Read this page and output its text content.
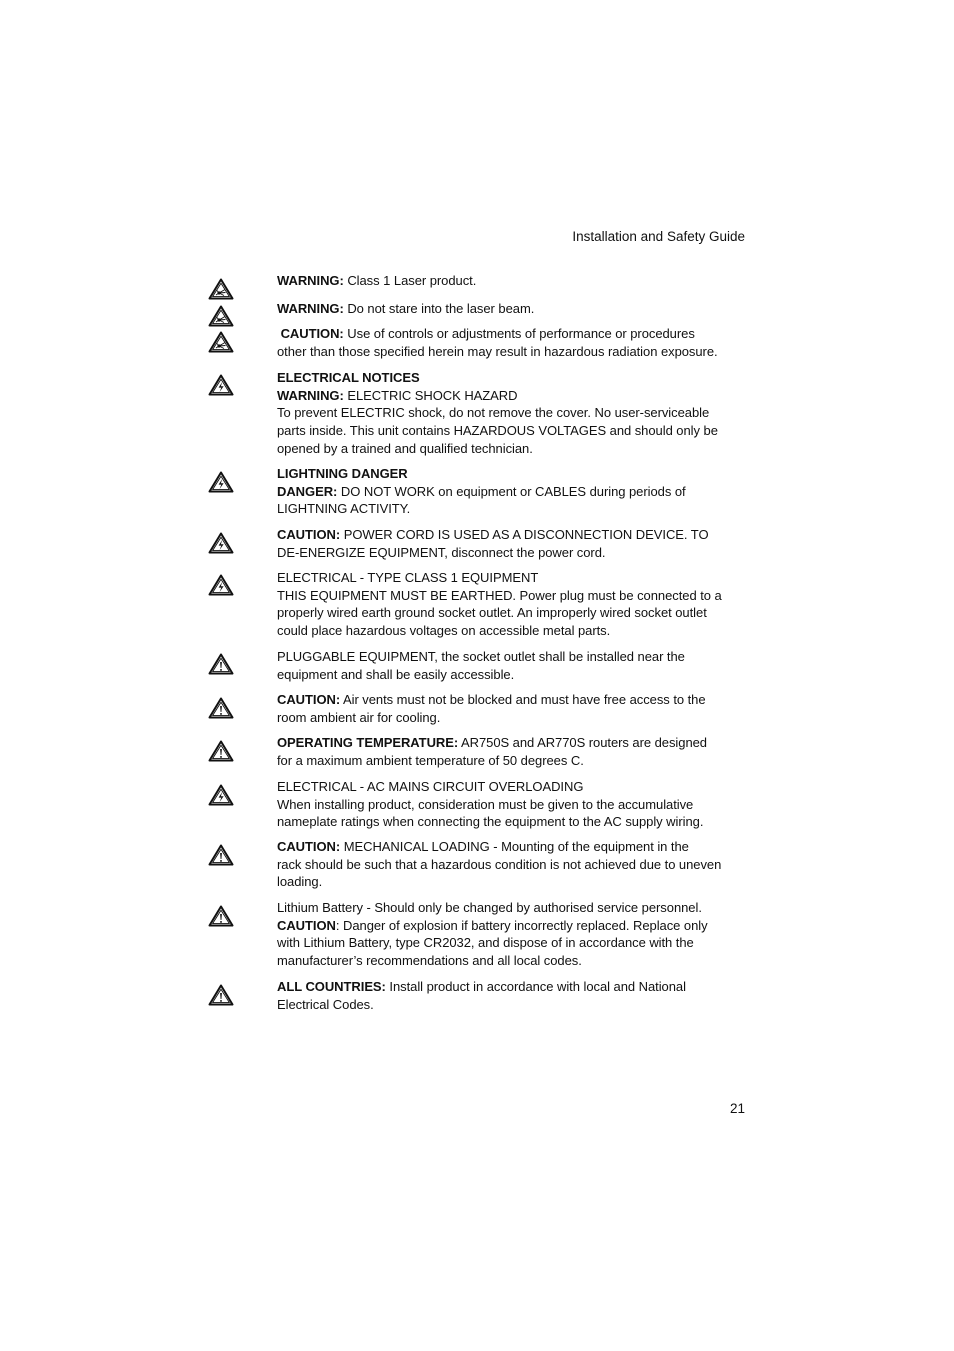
Installation and Safety Guide
WARNING: Class 1 Laser product.
WARNING: Do not stare into the laser beam.
CAUTION: Use of controls or adjustments of performance or procedures
other than those specified herein may result in hazardous radiation exposure.
ELECTRICAL NOTICES
WARNING: ELECTRIC SHOCK HAZARD
To prevent ELECTRIC shock, do not remove the cover. No user-serviceable
parts inside. This unit contains HAZARDOUS VOLTAGES and should only be
opened by a trained and qualified technician.
LIGHTNING DANGER
DANGER: DO NOT WORK on equipment or CABLES during periods of
LIGHTNING ACTIVITY.
CAUTION: POWER CORD IS USED AS A DISCONNECTION DEVICE. TO
DE-ENERGIZE EQUIPMENT, disconnect the power cord.
ELECTRICAL - TYPE CLASS 1 EQUIPMENT
THIS EQUIPMENT MUST BE EARTHED. Power plug must be connected to a
properly wired earth ground socket outlet. An improperly wired socket outlet
could place hazardous voltages on accessible metal parts.
PLUGGABLE EQUIPMENT, the socket outlet shall be installed near the
equipment and shall be easily accessible.
CAUTION: Air vents must not be blocked and must have free access to the
room ambient air for cooling.
OPERATING TEMPERATURE: AR750S and AR770S routers are designed
for a maximum ambient temperature of 50 degrees C.
ELECTRICAL - AC MAINS CIRCUIT OVERLOADING
When installing product, consideration must be given to the accumulative
nameplate ratings when connecting the equipment to the AC supply wiring.
CAUTION: MECHANICAL LOADING - Mounting of the equipment in the
rack should be such that a hazardous condition is not achieved due to uneven
loading.
Lithium Battery - Should only be changed by authorised service personnel.
CAUTION: Danger of explosion if battery incorrectly replaced. Replace only
with Lithium Battery, type CR2032, and dispose of in accordance with the
manufacturer’s recommendations and all local codes.
ALL COUNTRIES: Install product in accordance with local and National
Electrical Codes.
21
